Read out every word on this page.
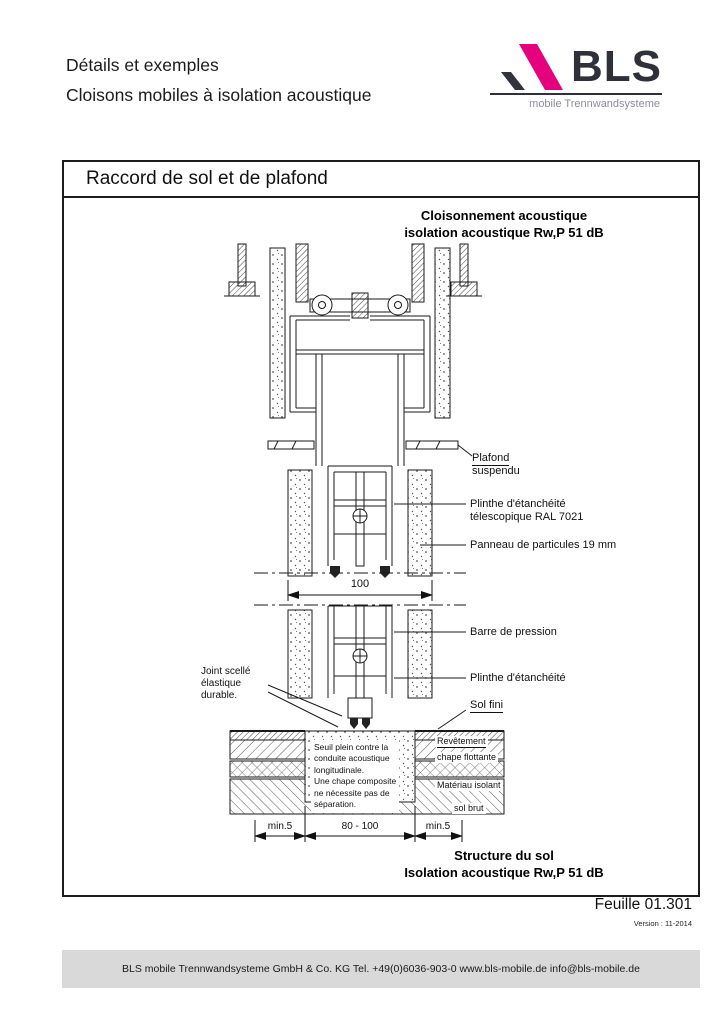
Détails et exemples
Cloisons mobiles à isolation acoustique
BLS
mobile Trennwandsysteme
Raccord de sol et de plafond
Cloisonnement acoustique
isolation acoustique Rw,P 51 dB
Structure du sol
Isolation acoustique Rw,P 51 dB
Plafond
suspendu
Plinthe d'étanchéité
télescopique RAL 7021
Panneau de particules 19 mm
Barre de pression
Plinthe d'étanchéité
Sol fini
Revêtement
chape flottante
Matériau isolant
sol brut
Joint scellé
élastique
durable.
Seuil plein contre la
conduite acoustique
longitudinale.
Une chape composite
ne nécessite pas de
séparation.
100
min.5	80 - 100	min.5
Feuille 01.301
Version : 11-2014
BLS mobile Trennwandsysteme GmbH & Co. KG Tel. +49(0)6036-903-0 www.bls-mobile.de info@bls-mobile.de
